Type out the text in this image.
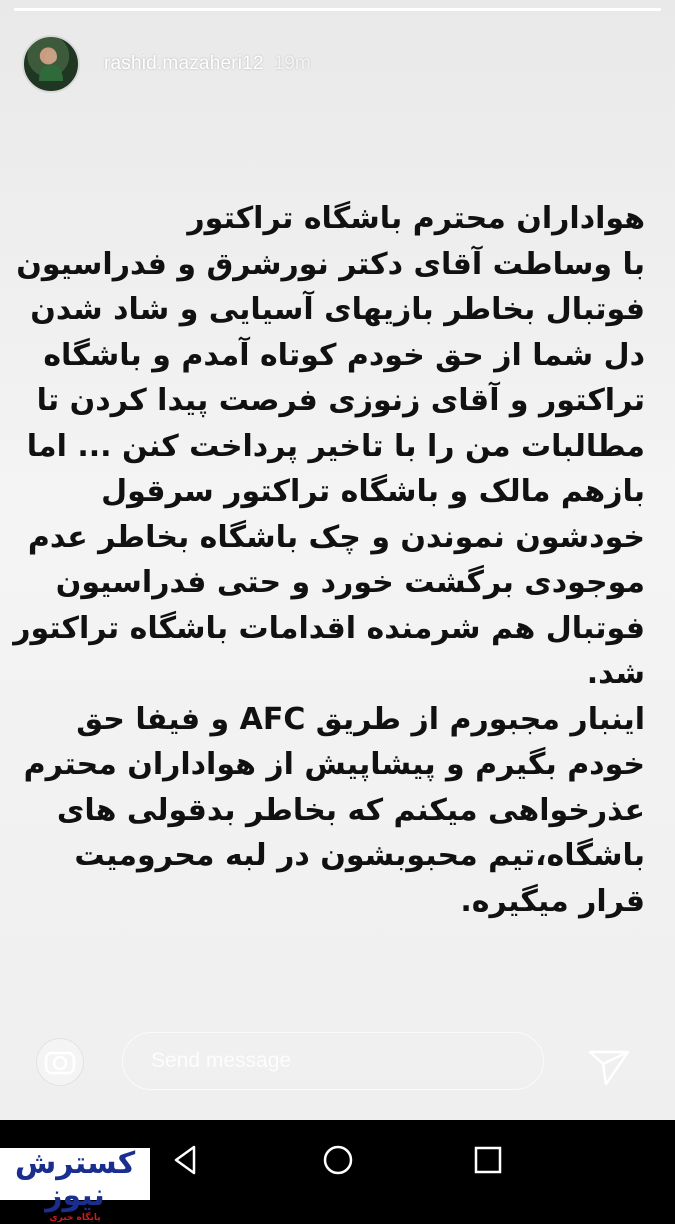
rashid.mazaheri12 19m
هواداران محترم باشگاه تراکتور
با وساطت آقای دکتر نورشرق و فدراسیون
فوتبال بخاطر بازیهای آسیایی و شاد شدن
دل شما از حق خودم کوتاه آمدم و باشگاه
تراکتور و آقای زنوزی فرصت پیدا کردن تا
مطالبات من را با تاخیر پرداخت کنن ... اما
بازهم مالک و باشگاه تراکتور سرقول
خودشون نموندن و چک باشگاه بخاطر عدم
موجودی برگشت خورد و حتی فدراسیون
فوتبال هم شرمنده اقدامات باشگاه تراکتور
شد.
اینبار مجبورم از طریق AFC و فیفا حق
خودم بگیرم و پیشاپیش از هواداران محترم
عذرخواهی میکنم که بخاطر بدقولی های
باشگاه،تیم محبوبشون در لبه محرومیت
قرار میگیره.
Send message
کسترش نیوز
پایگاه خبری
